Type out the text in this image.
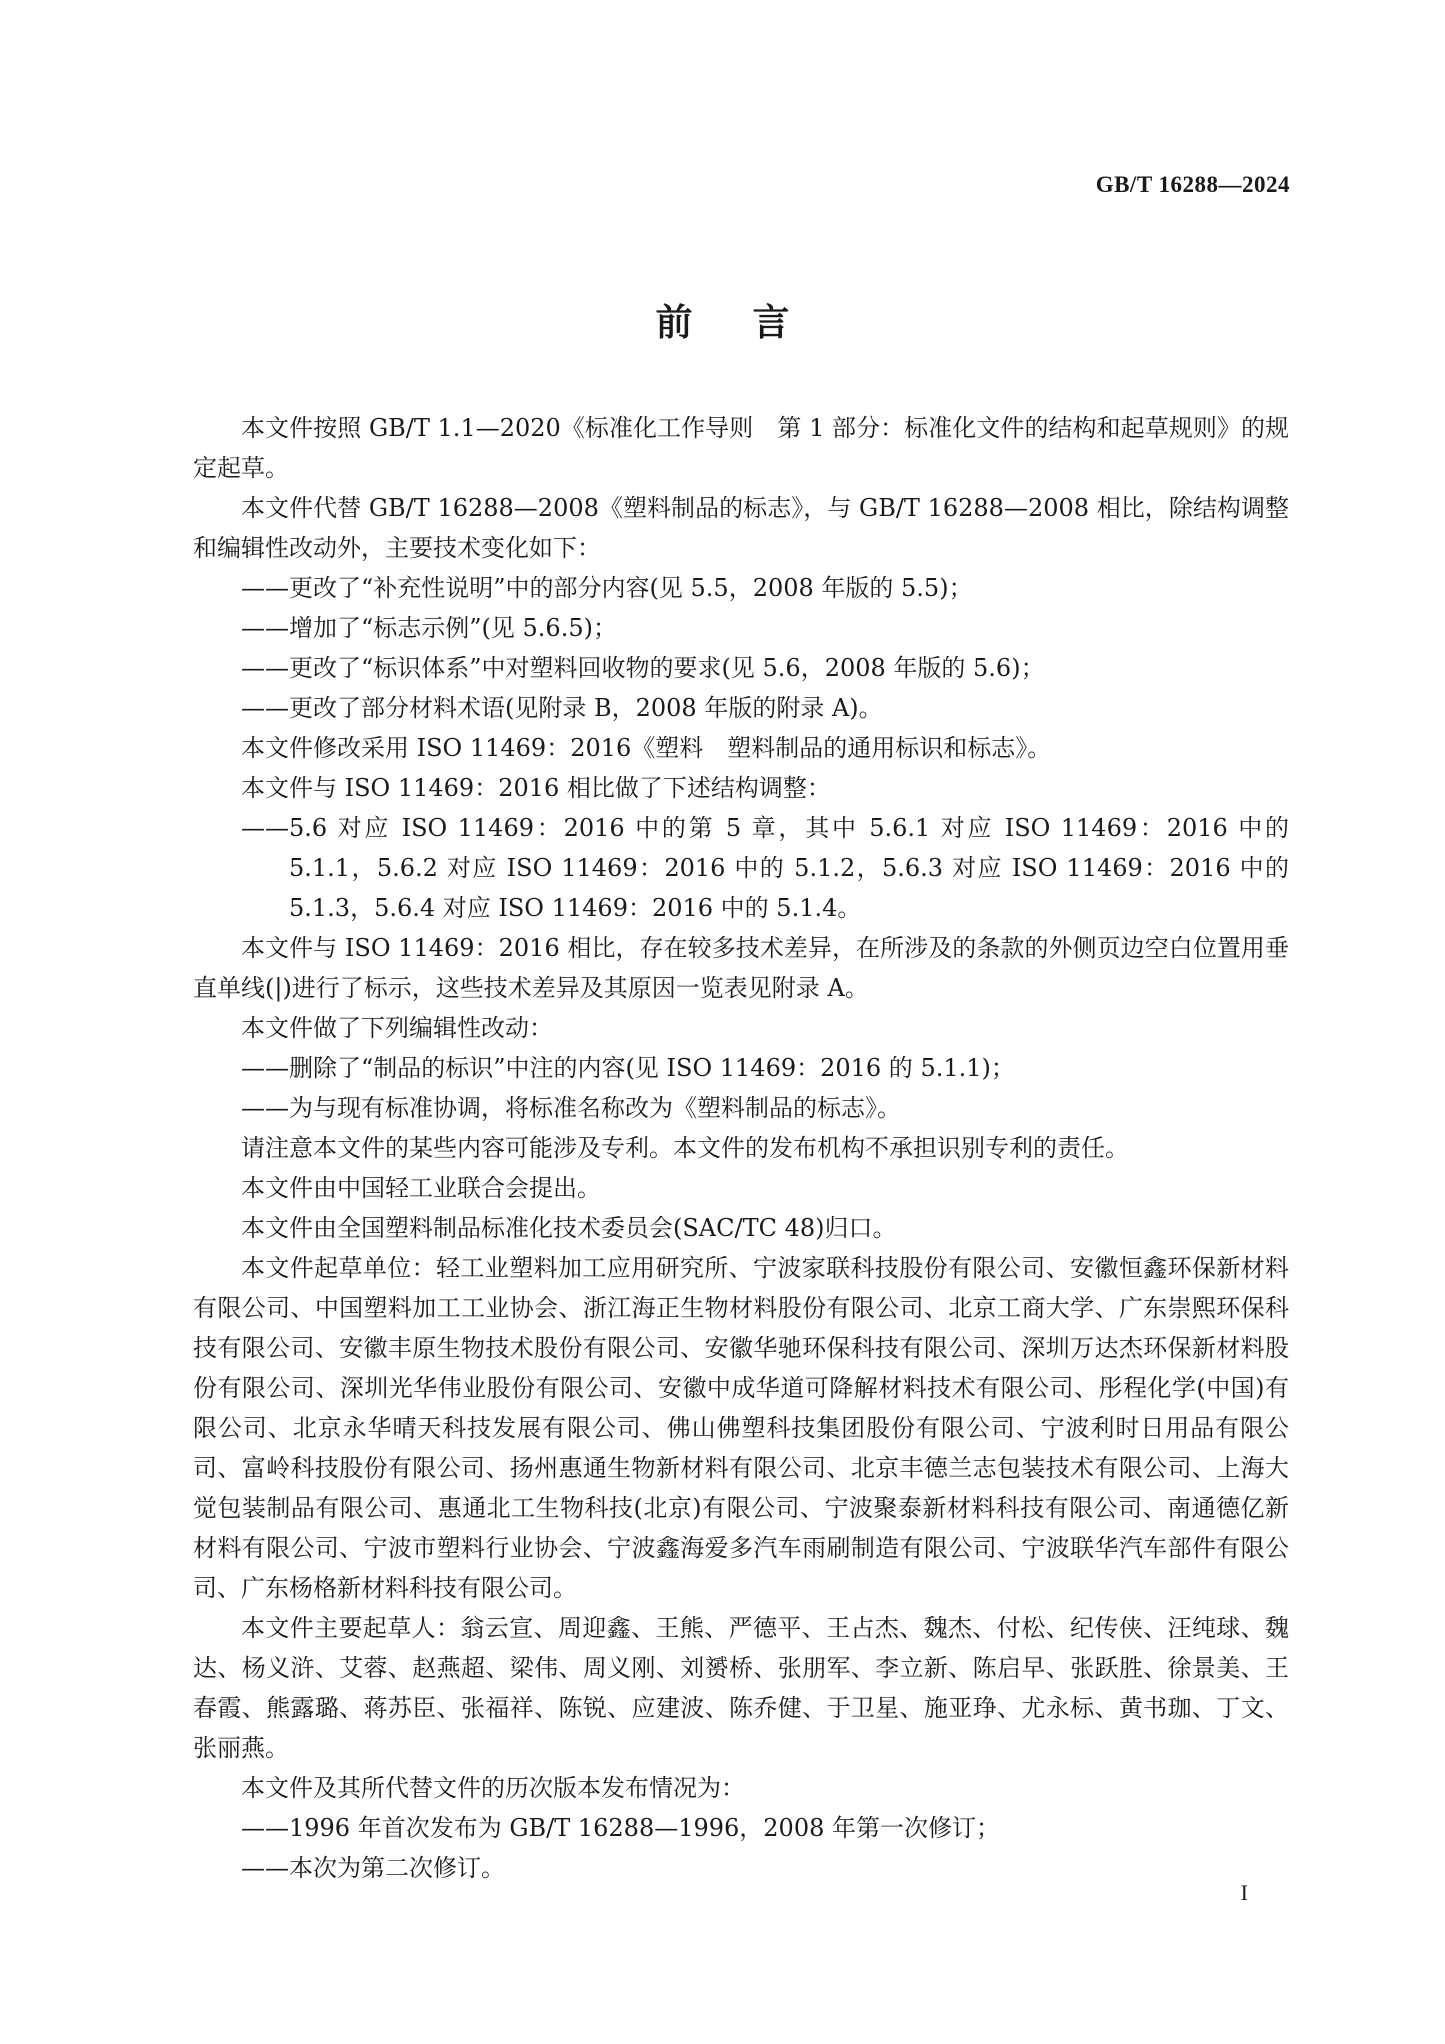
GB/T 16288—2024
前言

本文件按照 GB/T 1.1—2020《标准化工作导则　第 1 部分：标准化文件的结构和起草规则》的规定起草。

本文件代替 GB/T 16288—2008《塑料制品的标志》，与 GB/T 16288—2008 相比，除结构调整和编辑性改动外，主要技术变化如下：

——更改了“补充性说明”中的部分内容(见 5.5，2008 年版的 5.5)；

——增加了“标志示例”(见 5.6.5)；

——更改了“标识体系”中对塑料回收物的要求(见 5.6，2008 年版的 5.6)；

——更改了部分材料术语(见附录 B，2008 年版的附录 A)。

本文件修改采用 ISO 11469：2016《塑料　塑料制品的通用标识和标志》。

本文件与 ISO 11469：2016 相比做了下述结构调整：

——5.6 对应 ISO 11469：2016 中的第 5 章，其中 5.6.1 对应 ISO 11469：2016 中的 5.1.1，5.6.2 对应 ISO 11469：2016 中的 5.1.2，5.6.3 对应 ISO 11469：2016 中的 5.1.3，5.6.4 对应 ISO 11469：2016 中的 5.1.4。

本文件与 ISO 11469：2016 相比，存在较多技术差异，在所涉及的条款的外侧页边空白位置用垂直单线(|)进行了标示，这些技术差异及其原因一览表见附录 A。

本文件做了下列编辑性改动：

——删除了“制品的标识”中注的内容(见 ISO 11469：2016 的 5.1.1)；

——为与现有标准协调，将标准名称改为《塑料制品的标志》。

请注意本文件的某些内容可能涉及专利。本文件的发布机构不承担识别专利的责任。

本文件由中国轻工业联合会提出。

本文件由全国塑料制品标准化技术委员会(SAC/TC 48)归口。

本文件起草单位：轻工业塑料加工应用研究所、宁波家联科技股份有限公司、安徽恒鑫环保新材料有限公司、中国塑料加工工业协会、浙江海正生物材料股份有限公司、北京工商大学、广东崇熙环保科技有限公司、安徽丰原生物技术股份有限公司、安徽华驰环保科技有限公司、深圳万达杰环保新材料股份有限公司、深圳光华伟业股份有限公司、安徽中成华道可降解材料技术有限公司、彤程化学(中国)有限公司、北京永华晴天科技发展有限公司、佛山佛塑科技集团股份有限公司、宁波利时日用品有限公司、富岭科技股份有限公司、扬州惠通生物新材料有限公司、北京丰德兰志包装技术有限公司、上海大觉包装制品有限公司、惠通北工生物科技(北京)有限公司、宁波聚泰新材料科技有限公司、南通德亿新材料有限公司、宁波市塑料行业协会、宁波鑫海爱多汽车雨刷制造有限公司、宁波联华汽车部件有限公司、广东杨格新材料科技有限公司。

本文件主要起草人：翁云宣、周迎鑫、王熊、严德平、王占杰、魏杰、付松、纪传侠、汪纯球、魏达、杨义浒、艾蓉、赵燕超、梁伟、周义刚、刘赟桥、张朋军、李立新、陈启早、张跃胜、徐景美、王春霞、熊露璐、蒋苏臣、张福祥、陈锐、应建波、陈乔健、于卫星、施亚琤、尤永标、黄书珈、丁文、张丽燕。

本文件及其所代替文件的历次版本发布情况为：

——1996 年首次发布为 GB/T 16288—1996，2008 年第一次修订；

——本次为第二次修订。

I
